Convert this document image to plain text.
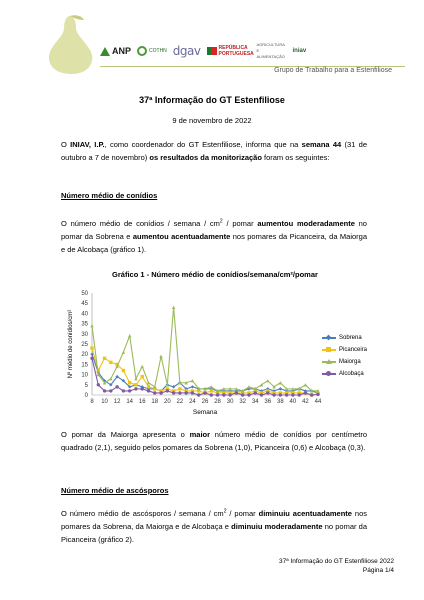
ANP	COTHN dgav	REPÚBLICA PORTUGUESA
AGRICULTURA E ALIMENTAÇÃO
iniav
Grupo de Trabalho para a Estenfiliose
37ª Informação do GT Estenfiliose
9 de novembro de 2022
O INIAV, I.P., como coordenador do GT Estenfiliose, informa que na semana 44 (31 de outubro a 7 de novembro) os resultados da monitorização foram os seguintes:
Número médio de conídios
O número médio de conídios / semana / $cm^2$ / pomar aumentou moderadamente no pomar da Sobrena e aumentou acentuadamente nos pomares da Picanceira, da Maiorga e de Alcobaça (gráfico 1).
Gráfico 1 - Número médio de conídios/semana/cm²/pomar
0
5
10
15
20
25
30
35
40
45
50
8 10 12 14 16 18 20 22 24 26 28 30 32 34 36 38 40 42 44
Semana
Nº médio de conídios/cm²	Sobrena
Picanceira
Maiorga
Alcobaça
O pomar da Maiorga apresenta o maior número médio de conídios por centímetro quadrado (2,1), seguido pelos pomares da Sobrena (1,0), Picanceira (0,6) e Alcobaça (0,3).
Número médio de ascósporos
O número médio de ascósporos / semana / $cm^2$ / pomar diminuiu acentuadamente nos pomares da Sobrena, da Maiorga e de Alcobaça e diminuiu moderadamente no pomar da Picanceira (gráfico 2).
37ª Informação do GT Estenfiliose 2022
Página 1/4
